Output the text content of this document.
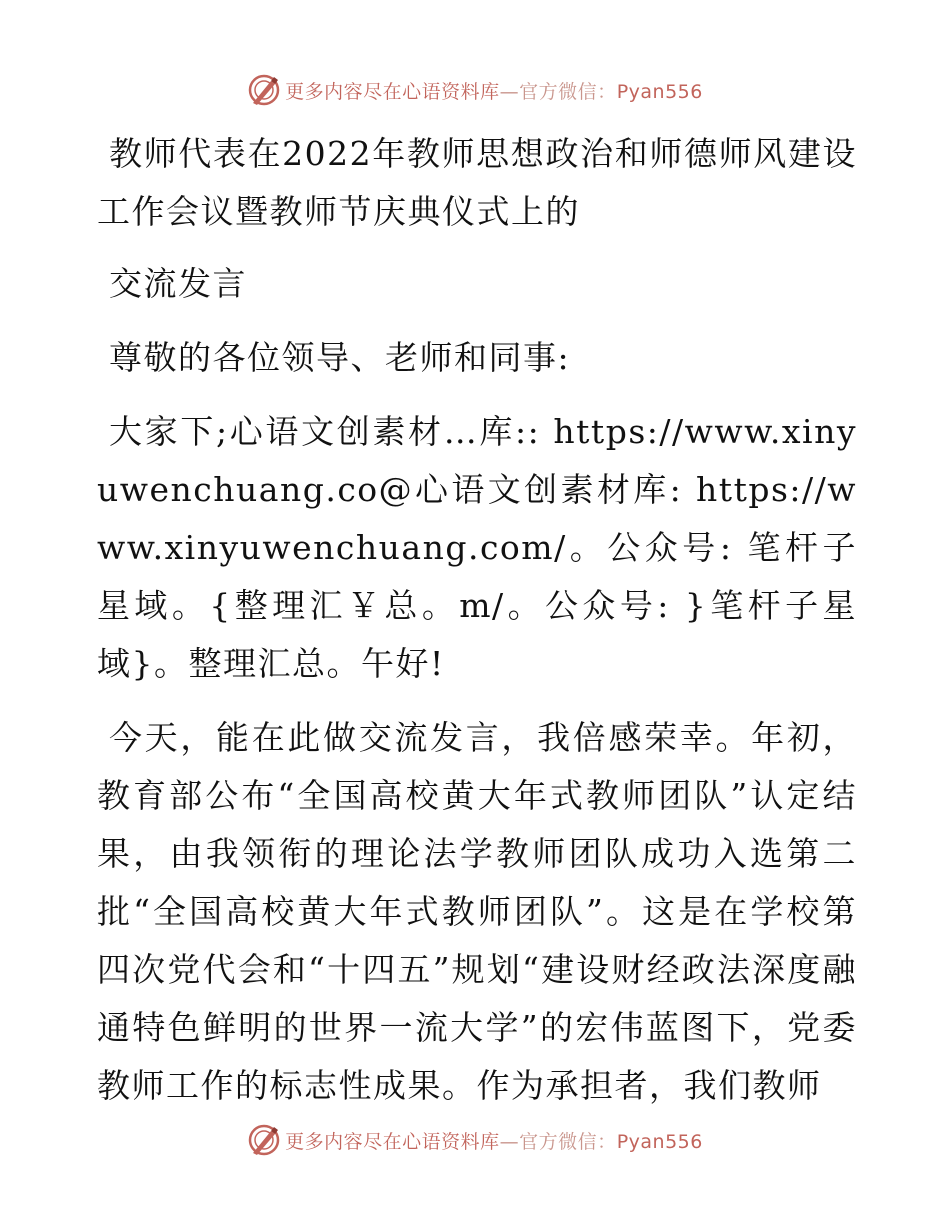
更多内容尽在心语资料库—官方微信：Pyan556

教师代表在2022年教师思想政治和师德师风建设工作会议暨教师节庆典仪式上的

交流发言

尊敬的各位领导、老师和同事:

大家下;心语文创素材…库:: https://www.xinyuwenchuang.co@心语文创素材库: https://www.xinyuwenchuang.com/。公众号: 笔杆子星域。{整理汇￥总。m/。公众号: }笔杆子星域}。整理汇总。午好!

今天，能在此做交流发言，我倍感荣幸。年初，教育部公布“全国高校黄大年式教师团队”认定结果，由我领衔的理论法学教师团队成功入选第二批“全国高校黄大年式教师团队”。这是在学校第四次党代会和“十四五”规划“建设财经政法深度融通特色鲜明的世界一流大学”的宏伟蓝图下，党委教师工作的标志性成果。作为承担者，我们教师

更多内容尽在心语资料库—官方微信：Pyan556
